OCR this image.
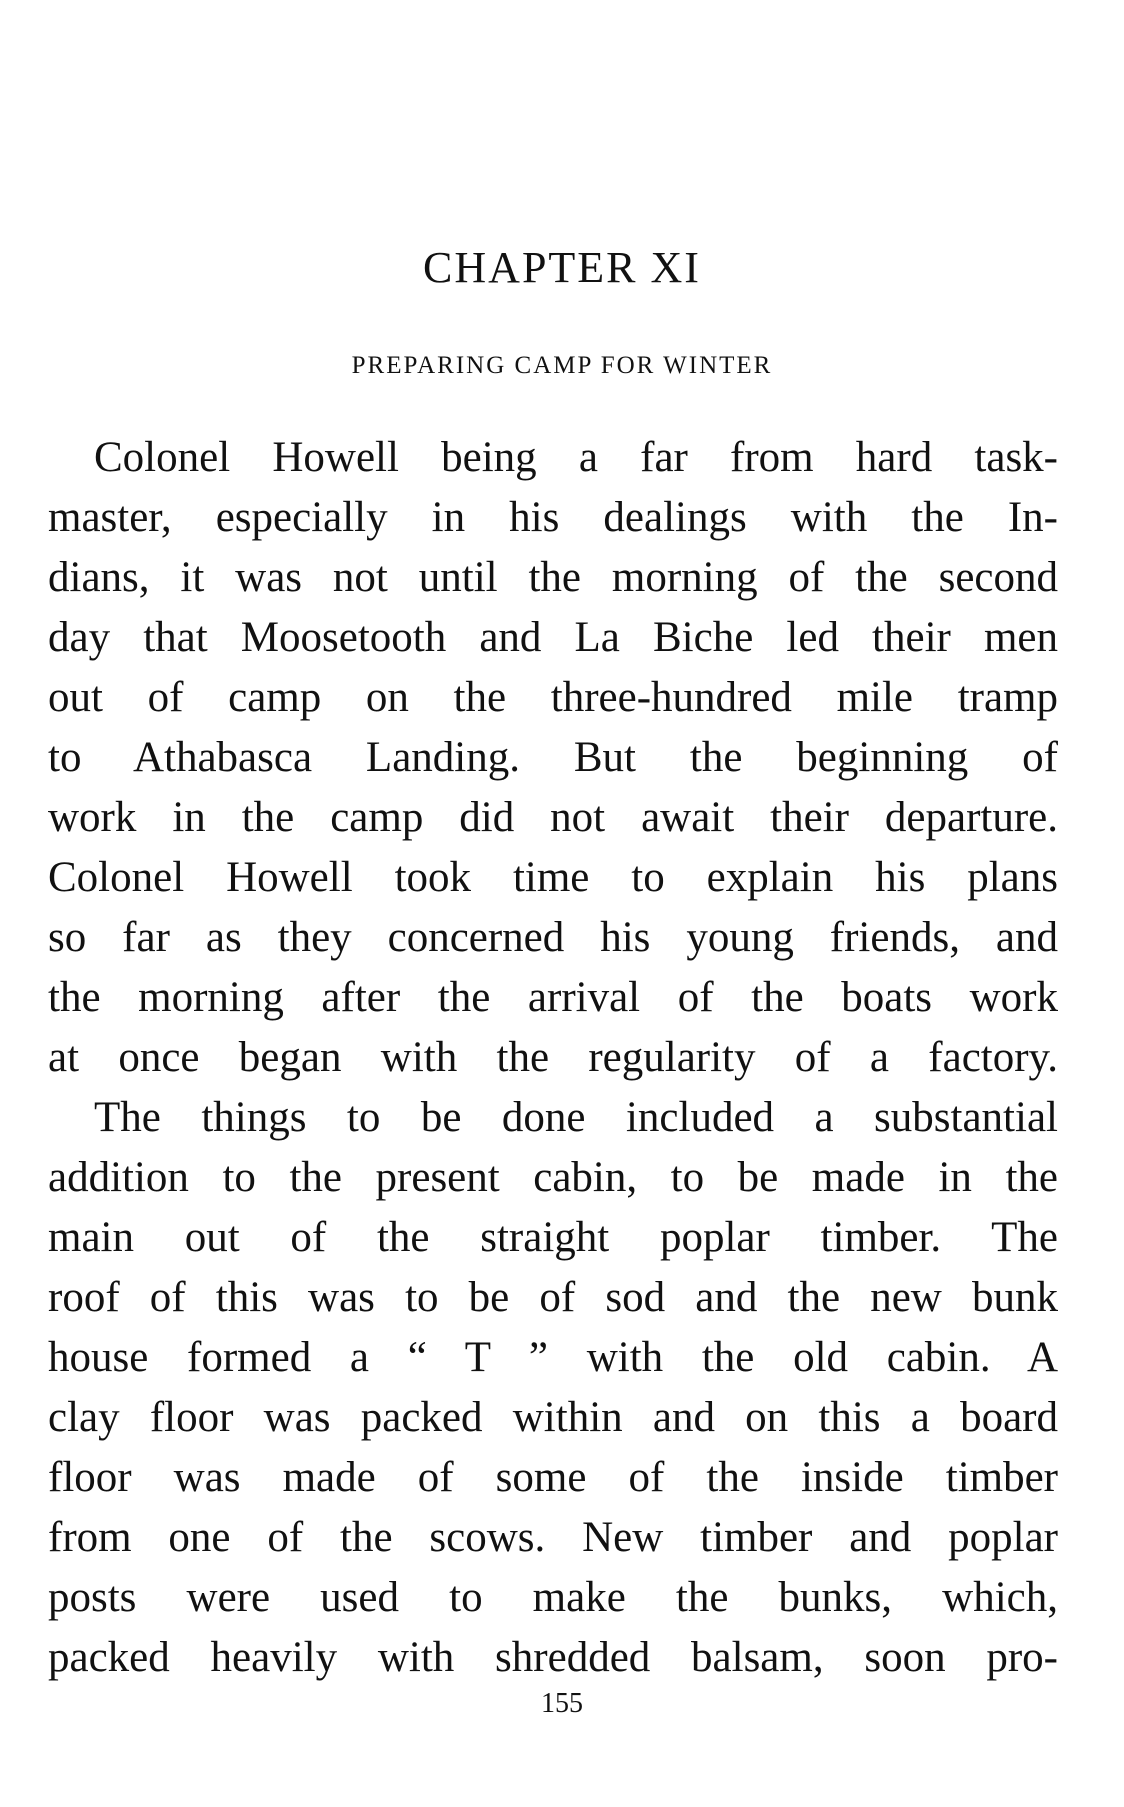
CHAPTER XI
PREPARING CAMP FOR WINTER
Colonel Howell being a far from hard task-
master, especially in his dealings with the In-
dians, it was not until the morning of the second
day that Moosetooth and La Biche led their men
out of camp on the three-hundred mile tramp
to Athabasca Landing. But the beginning of
work in the camp did not await their departure.
Colonel Howell took time to explain his plans
so far as they concerned his young friends, and
the morning after the arrival of the boats work
at once began with the regularity of a factory.
The things to be done included a substantial
addition to the present cabin, to be made in the
main out of the straight poplar timber. The
roof of this was to be of sod and the new bunk
house formed a “ T ” with the old cabin. A
clay floor was packed within and on this a board
floor was made of some of the inside timber
from one of the scows. New timber and poplar
posts were used to make the bunks, which,
packed heavily with shredded balsam, soon pro-

155
